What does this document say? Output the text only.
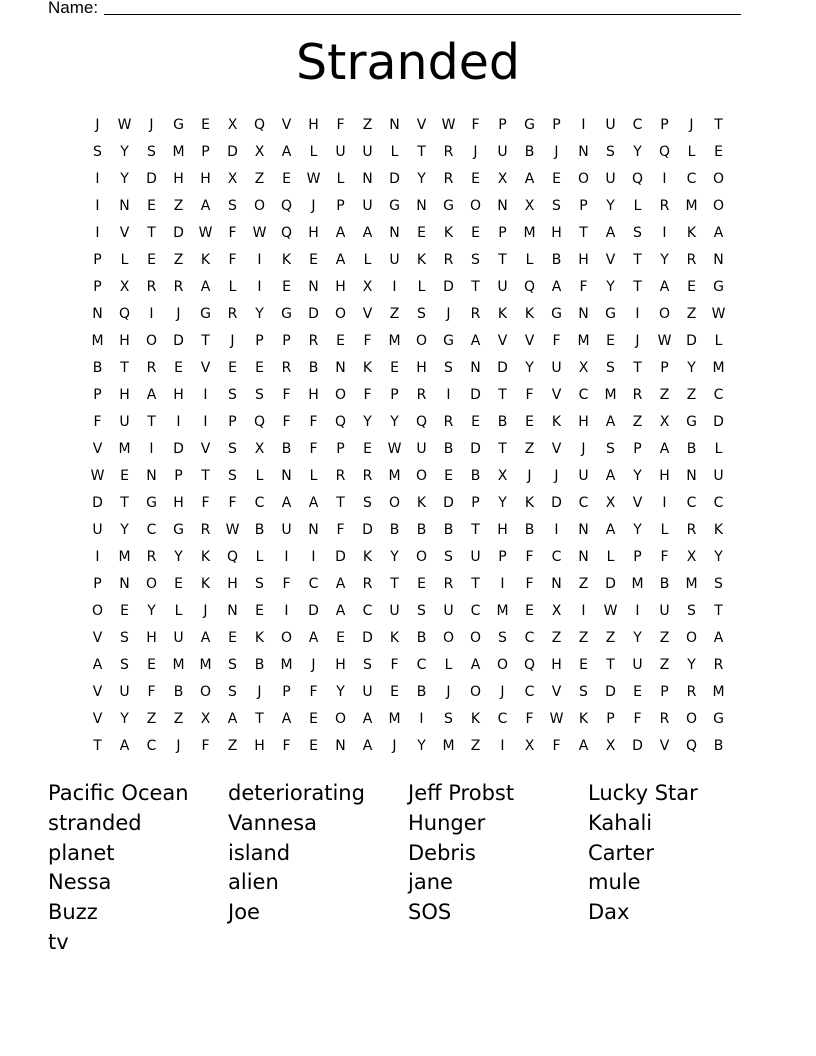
Name:
Stranded
J	W	J	G	E	X	Q	V	H	F	Z	N	V	W	F	P	G	P	I	U	C	P	J	T
S	Y	S	M	P	D	X	A	L	U	U	L	T	R	J	U	B	J	N	S	Y	Q	L	E
I	Y	D	H	H	X	Z	E	W	L	N	D	Y	R	E	X	A	E	O	U	Q	I	C	O
I	N	E	Z	A	S	O	Q	J	P	U	G	N	G	O	N	X	S	P	Y	L	R	M	O
I	V	T	D	W	F	W	Q	H	A	A	N	E	K	E	P	M	H	T	A	S	I	K	A
P	L	E	Z	K	F	I	K	E	A	L	U	K	R	S	T	L	B	H	V	T	Y	R	N
P	X	R	R	A	L	I	E	N	H	X	I	L	D	T	U	Q	A	F	Y	T	A	E	G
N	Q	I	J	G	R	Y	G	D	O	V	Z	S	J	R	K	K	G	N	G	I	O	Z	W
M	H	O	D	T	J	P	P	R	E	F	M	O	G	A	V	V	F	M	E	J	W	D	L
B	T	R	E	V	E	E	R	B	N	K	E	H	S	N	D	Y	U	X	S	T	P	Y	M
P	H	A	H	I	S	S	F	H	O	F	P	R	I	D	T	F	V	C	M	R	Z	Z	C
F	U	T	I	I	P	Q	F	F	Q	Y	Y	Q	R	E	B	E	K	H	A	Z	X	G	D
V	M	I	D	V	S	X	B	F	P	E	W	U	B	D	T	Z	V	J	S	P	A	B	L
W	E	N	P	T	S	L	N	L	R	R	M	O	E	B	X	J	J	U	A	Y	H	N	U
D	T	G	H	F	F	C	A	A	T	S	O	K	D	P	Y	K	D	C	X	V	I	C	C
U	Y	C	G	R	W	B	U	N	F	D	B	B	B	T	H	B	I	N	A	Y	L	R	K
I	M	R	Y	K	Q	L	I	I	D	K	Y	O	S	U	P	F	C	N	L	P	F	X	Y
P	N	O	E	K	H	S	F	C	A	R	T	E	R	T	I	F	N	Z	D	M	B	M	S
O	E	Y	L	J	N	E	I	D	A	C	U	S	U	C	M	E	X	I	W	I	U	S	T
V	S	H	U	A	E	K	O	A	E	D	K	B	O	O	S	C	Z	Z	Z	Y	Z	O	A
A	S	E	M	M	S	B	M	J	H	S	F	C	L	A	O	Q	H	E	T	U	Z	Y	R
V	U	F	B	O	S	J	P	F	Y	U	E	B	J	O	J	C	V	S	D	E	P	R	M
V	Y	Z	Z	X	A	T	A	E	O	A	M	I	S	K	C	F	W	K	P	F	R	O	G
T	A	C	J	F	Z	H	F	E	N	A	J	Y	M	Z	I	X	F	A	X	D	V	Q	B
Pacific Ocean	deteriorating	Jeff Probst	Lucky Star
stranded	Vannesa	Hunger	Kahali
planet	island	Debris	Carter
Nessa	alien	jane	mule
Buzz	Joe	SOS	Dax
tv
